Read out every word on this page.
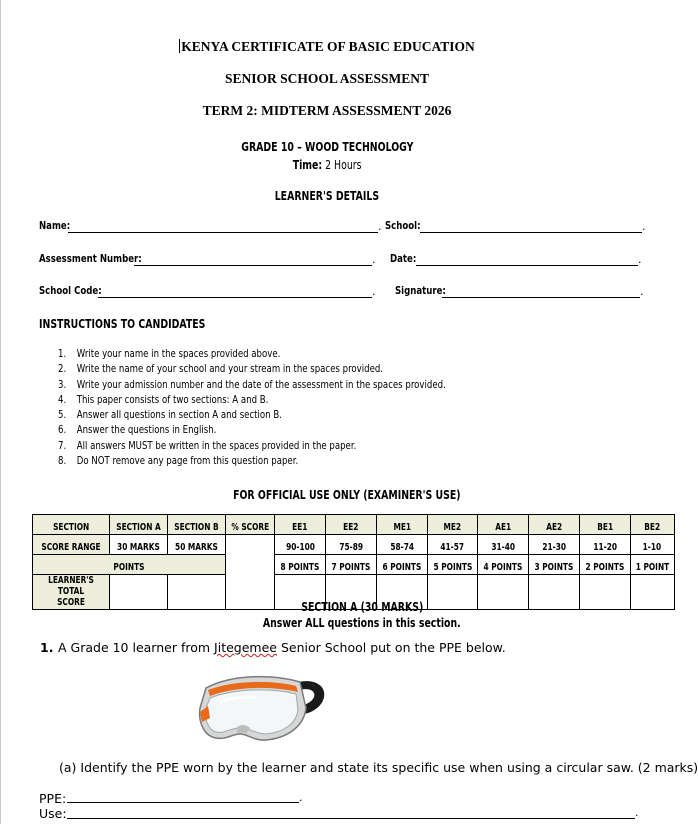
KENYA CERTIFICATE OF BASIC EDUCATION
SENIOR SCHOOL ASSESSMENT
TERM 2: MIDTERM ASSESSMENT 2026
GRADE 10 – WOOD TECHNOLOGY
Time: 2 Hours
LEARNER'S DETAILS
Name:	. School:	.
Assessment Number:	. Date:	.
School Code:	. Signature:	.
INSTRUCTIONS TO CANDIDATES
1. Write your name in the spaces provided above.
2. Write the name of your school and your stream in the spaces provided.
3. Write your admission number and the date of the assessment in the spaces provided.
4. This paper consists of two sections: A and B.
5. Answer all questions in section A and section B.
6. Answer the questions in English.
7. All answers MUST be written in the spaces provided in the paper.
8. Do NOT remove any page from this question paper.
FOR OFFICIAL USE ONLY (EXAMINER'S USE)
SECTION	SECTION A	SECTION B	% SCORE	EE1	EE2	ME1	ME2	AE1	AE2	BE1	BE2
SCORE RANGE	30 MARKS	50 MARKS		90-100	75-89	58-74	41-57	31-40	21-30	11-20	1-10
POINTS				8 POINTS	7 POINTS	6 POINTS	5 POINTS	4 POINTS	3 POINTS	2 POINTS	1 POINT
LEARNER'S TOTAL SCORE												SECTION A (30 MARKS)
Answer ALL questions in this section.
1. A Grade 10 learner from Jitegemee Senior School put on the PPE below.
(a) Identify the PPE worn by the learner and state its specific use when using a circular saw. (2 marks)
PPE:	.
Use:	.
